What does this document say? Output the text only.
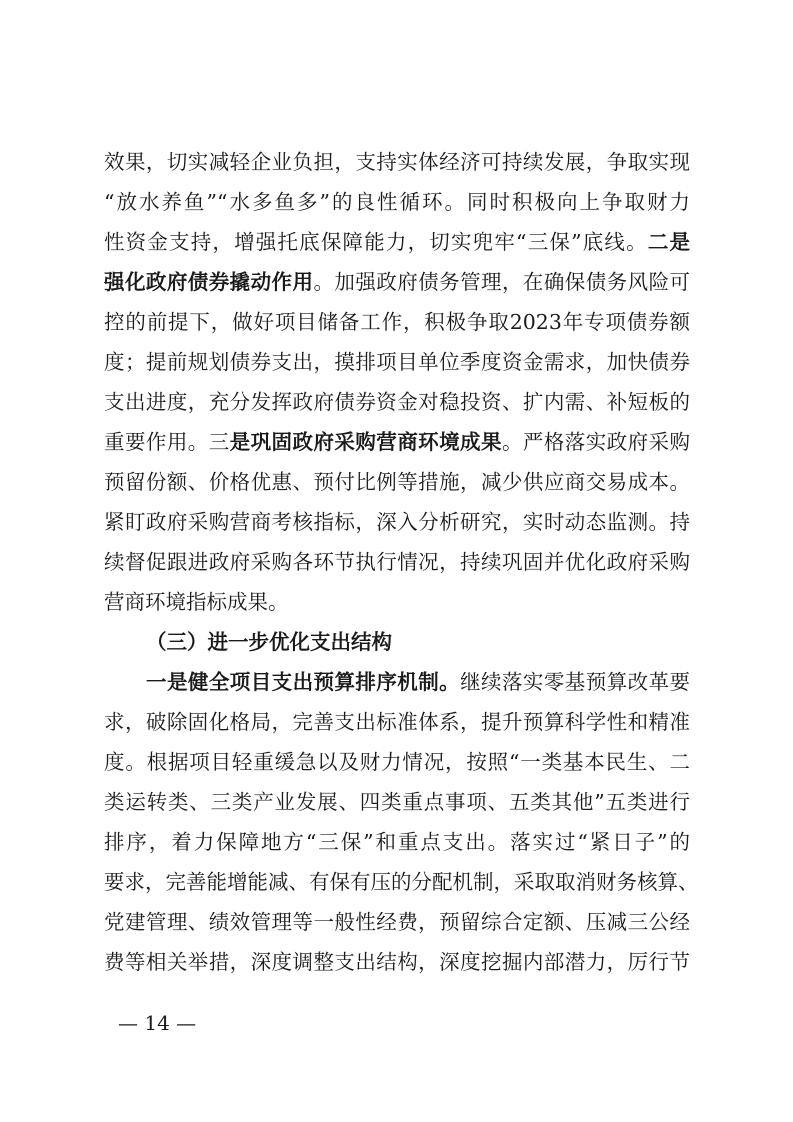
效果，切实减轻企业负担，支持实体经济可持续发展，争取实现
“放水养鱼”“水多鱼多”的良性循环。同时积极向上争取财力
性资金支持，增强托底保障能力，切实兜牢“三保”底线。二是
强化政府债券撬动作用。加强政府债务管理，在确保债务风险可
控的前提下，做好项目储备工作，积极争取2023年专项债券额
度；提前规划债券支出，摸排项目单位季度资金需求，加快债券
支出进度，充分发挥政府债券资金对稳投资、扩内需、补短板的
重要作用。三是巩固政府采购营商环境成果。严格落实政府采购
预留份额、价格优惠、预付比例等措施，减少供应商交易成本。
紧盯政府采购营商考核指标，深入分析研究，实时动态监测。持
续督促跟进政府采购各环节执行情况，持续巩固并优化政府采购
营商环境指标成果。
（三）进一步优化支出结构
一是健全项目支出预算排序机制。继续落实零基预算改革要
求，破除固化格局，完善支出标准体系，提升预算科学性和精准
度。根据项目轻重缓急以及财力情况，按照“一类基本民生、二
类运转类、三类产业发展、四类重点事项、五类其他”五类进行
排序，着力保障地方“三保”和重点支出。落实过“紧日子”的
要求，完善能增能减、有保有压的分配机制，采取取消财务核算、
党建管理、绩效管理等一般性经费，预留综合定额、压减三公经
费等相关举措，深度调整支出结构，深度挖掘内部潜力，厉行节
— 14 —
